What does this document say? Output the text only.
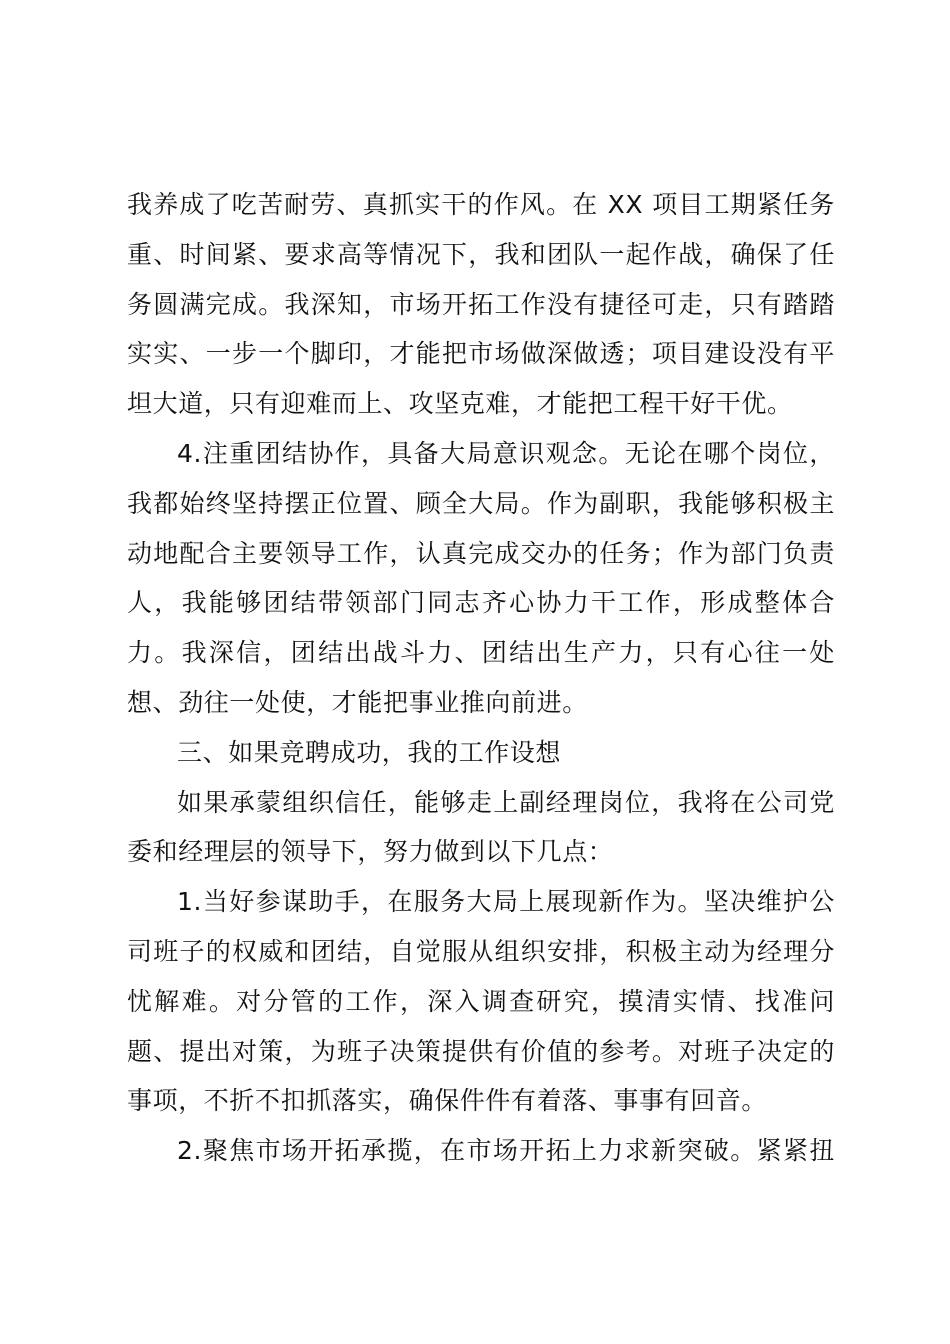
我养成了吃苦耐劳、真抓实干的作风。在 XX 项目工期紧任务
重、时间紧、要求高等情况下，我和团队一起作战，确保了任
务圆满完成。我深知，市场开拓工作没有捷径可走，只有踏踏
实实、一步一个脚印，才能把市场做深做透；项目建设没有平
坦大道，只有迎难而上、攻坚克难，才能把工程干好干优。
4.注重团结协作，具备大局意识观念。无论在哪个岗位，
我都始终坚持摆正位置、顾全大局。作为副职，我能够积极主
动地配合主要领导工作，认真完成交办的任务；作为部门负责
人，我能够团结带领部门同志齐心协力干工作，形成整体合
力。我深信，团结出战斗力、团结出生产力，只有心往一处
想、劲往一处使，才能把事业推向前进。
三、如果竞聘成功，我的工作设想
如果承蒙组织信任，能够走上副经理岗位，我将在公司党
委和经理层的领导下，努力做到以下几点：
1.当好参谋助手，在服务大局上展现新作为。坚决维护公
司班子的权威和团结，自觉服从组织安排，积极主动为经理分
忧解难。对分管的工作，深入调查研究，摸清实情、找准问
题、提出对策，为班子决策提供有价值的参考。对班子决定的
事项，不折不扣抓落实，确保件件有着落、事事有回音。
2.聚焦市场开拓承揽，在市场开拓上力求新突破。紧紧扭
